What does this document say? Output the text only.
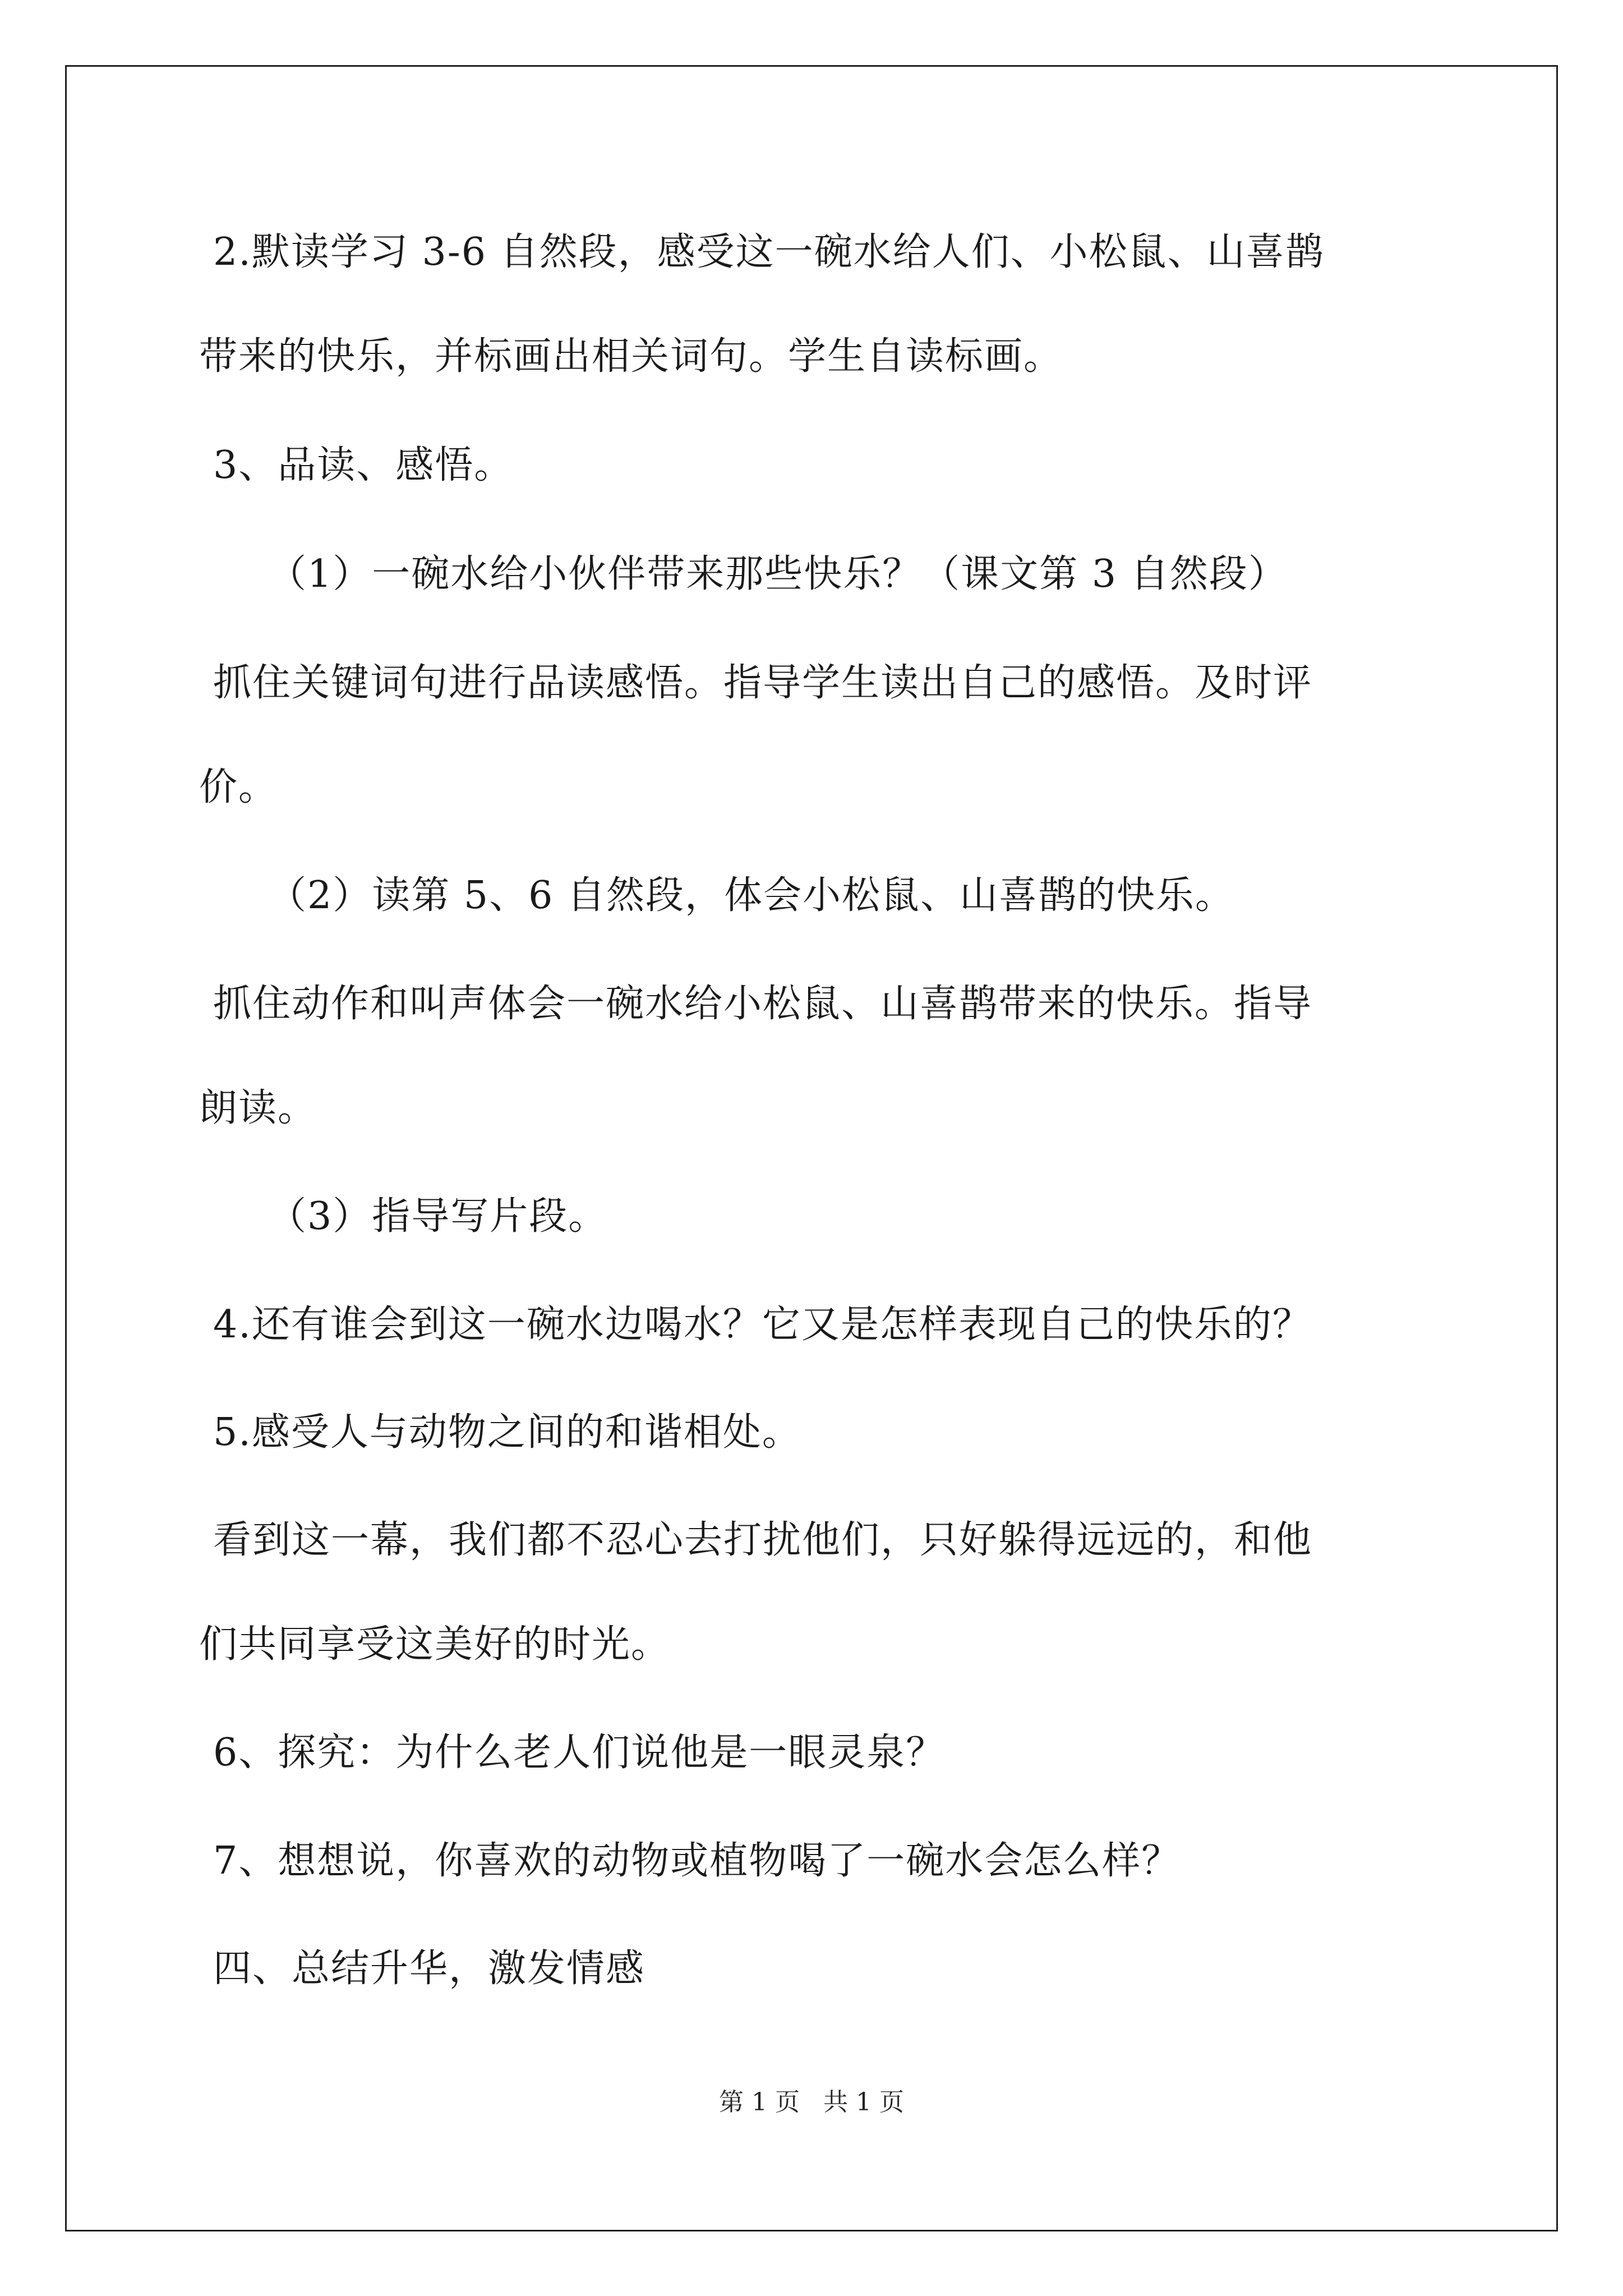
2.默读学习 3-6 自然段，感受这一碗水给人们、小松鼠、山喜鹊
带来的快乐，并标画出相关词句。学生自读标画。
3、品读、感悟。
（1）一碗水给小伙伴带来那些快乐？（课文第 3 自然段）
抓住关键词句进行品读感悟。指导学生读出自己的感悟。及时评
价。
（2）读第 5、6 自然段，体会小松鼠、山喜鹊的快乐。
抓住动作和叫声体会一碗水给小松鼠、山喜鹊带来的快乐。指导
朗读。
（3）指导写片段。
4.还有谁会到这一碗水边喝水？它又是怎样表现自己的快乐的？
5.感受人与动物之间的和谐相处。
看到这一幕，我们都不忍心去打扰他们，只好躲得远远的，和他
们共同享受这美好的时光。
6、探究：为什么老人们说他是一眼灵泉？
7、想想说，你喜欢的动物或植物喝了一碗水会怎么样？
四、总结升华，激发情感
第 1 页 共 1 页
